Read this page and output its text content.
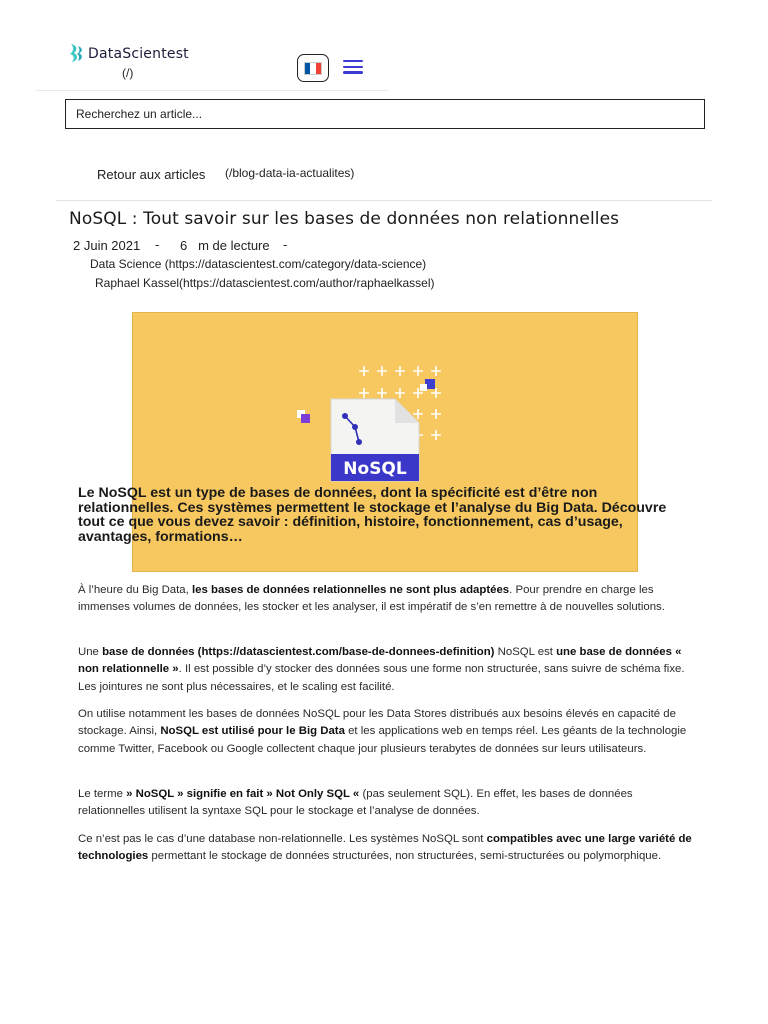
DataScientest
(/)
Recherchez un article...
Retour aux articles (/blog-data-ia-actualites)
NoSQL : Tout savoir sur les bases de données non relationnelles
2 Juin 2021 - 6 m de lecture -
Data Science (https://datascientest.com/category/data-science)
Raphael Kassel(https://datascientest.com/author/raphaelkassel)
NoSQL
Le NoSQL est un type de bases de données, dont la spécificité est d’être non relationnelles. Ces systèmes permettent le stockage et l’analyse du Big Data. Découvre tout ce que vous devez savoir : définition, histoire, fonctionnement, cas d’usage, avantages, formations…
À l’heure du Big Data, les bases de données relationnelles ne sont plus adaptées. Pour prendre en charge les immenses volumes de données, les stocker et les analyser, il est impératif de s’en remettre à de nouvelles solutions.
Une base de données (https://datascientest.com/base-de-donnees-definition) NoSQL est une base de données « non relationnelle ». Il est possible d’y stocker des données sous une forme non structurée, sans suivre de schéma fixe. Les jointures ne sont plus nécessaires, et le scaling est facilité.
On utilise notamment les bases de données NoSQL pour les Data Stores distribués aux besoins élevés en capacité de stockage. Ainsi, NoSQL est utilisé pour le Big Data et les applications web en temps réel. Les géants de la technologie comme Twitter, Facebook ou Google collectent chaque jour plusieurs terabytes de données sur leurs utilisateurs.
Le terme » NoSQL » signifie en fait » Not Only SQL « (pas seulement SQL). En effet, les bases de données relationnelles utilisent la syntaxe SQL pour le stockage et l’analyse de données.
Ce n’est pas le cas d’une database non-relationnelle. Les systèmes NoSQL sont compatibles avec une large variété de technologies permettant le stockage de données structurées, non structurées, semi-structurées ou polymorphique.
